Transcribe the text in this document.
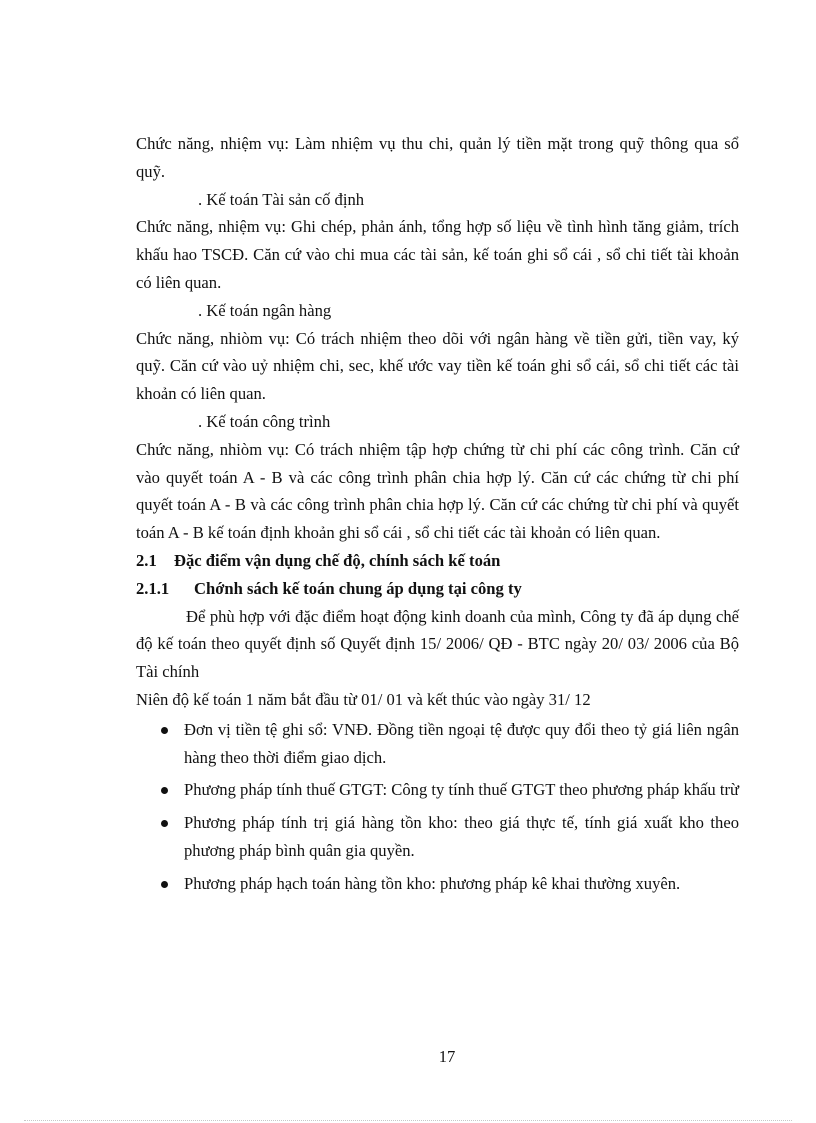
Chức năng, nhiệm vụ: Làm nhiệm vụ thu chi, quản lý tiền mặt trong quỹ thông qua sổ quỹ.

. Kế toán Tài sản cố định

Chức năng, nhiệm vụ: Ghi chép, phản ánh, tổng hợp số liệu về tình hình tăng giảm, trích khấu hao TSCĐ. Căn cứ vào chi mua các tài sản, kế toán ghi sổ cái , sổ chi tiết tài khoản có liên quan.

. Kế toán ngân hàng

Chức năng, nhiòm vụ: Có trách nhiệm theo dõi với ngân hàng về tiền gửi, tiền vay, ký quỹ. Căn cứ vào uỷ nhiệm chi, sec, khế ước vay tiền kế toán ghi sổ cái, sổ chi tiết các tài khoản có liên quan.

. Kế toán công trình

Chức năng, nhiòm vụ: Có trách nhiệm tập hợp chứng từ chi phí các công trình. Căn cứ vào quyết toán A - B và các công trình phân chia hợp lý. Căn cứ các chứng từ chi phí quyết toán A - B và các công trình phân chia hợp lý. Căn cứ các chứng từ chi phí và quyết toán A - B kế toán định khoản ghi sổ cái , sổ chi tiết các tài khoản có liên quan.

2.1	Đặc điểm vận dụng chế độ, chính sách kế toán
2.1.1	Chớnh sách kế toán chung áp dụng tại công ty

Để phù hợp với đặc điểm hoạt động kinh doanh của mình, Công ty đã áp dụng chế độ kế toán theo quyết định số Quyết định 15/ 2006/ QĐ - BTC ngày 20/ 03/ 2006 của Bộ Tài chính

Niên độ kế toán 1 năm bắt đầu từ 01/ 01 và kết thúc vào ngày 31/ 12

Đơn vị tiền tệ ghi sổ: VNĐ. Đồng tiền ngoại tệ được quy đổi theo tỷ giá liên ngân hàng theo thời điểm giao dịch.
Phương pháp tính thuế GTGT: Công ty tính thuế GTGT theo phương pháp khấu trừ
Phương pháp tính trị giá hàng tồn kho: theo giá thực tế, tính giá xuất kho theo phương pháp bình quân gia quyền.
Phương pháp hạch toán hàng tồn kho: phương pháp kê khai thường xuyên.
17
